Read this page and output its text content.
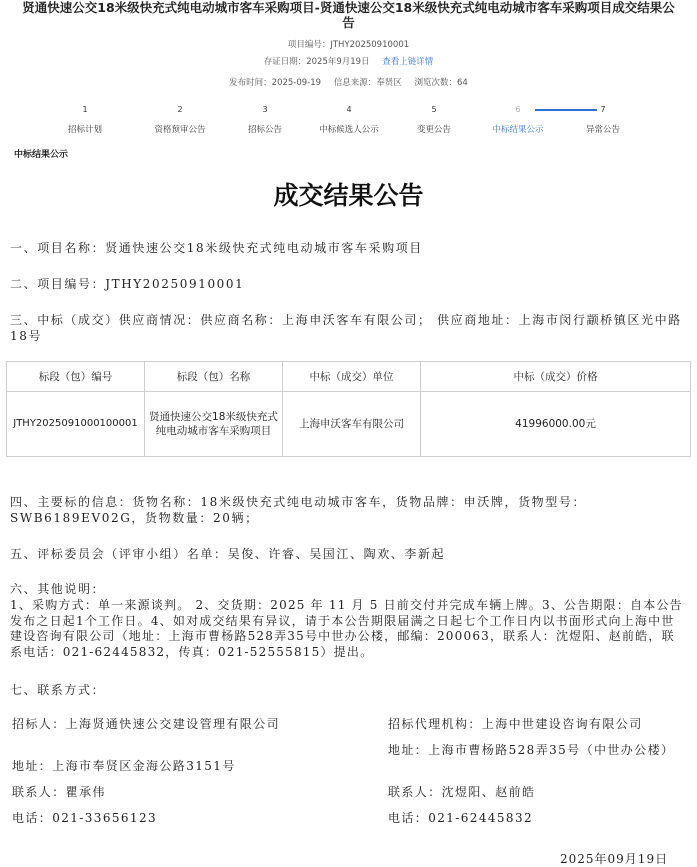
贤通快速公交18米级快充式纯电动城市客车采购项目-贤通快速公交18米级快充式纯电动城市客车采购项目成交结果公告
项目编号：JTHY20250910001
存证日期：2025年9月19日 查看上链详情
发布时间：2025-09-19 信息来源：奉贤区 浏览次数：64
1
招标计划
2
资格预审公告
3
招标公告
4
中标候选人公示
5
变更公告
6
中标结果公示
7
异常公告
中标结果公示
成交结果公告
一、项目名称：贤通快速公交18米级快充式纯电动城市客车采购项目
二、项目编号：JTHY20250910001
三、中标（成交）供应商情况：供应商名称：上海申沃客车有限公司； 供应商地址：上海市闵行颛桥镇区光中路18号
标段（包）编号	标段（包）名称	中标（成交）单位	中标（成交）价格
JTHY2025091000100001	贤通快速公交18米级快充式纯电动城市客车采购项目	上海申沃客车有限公司	41996000.00元
四、主要标的信息：货物名称：18米级快充式纯电动城市客车，货物品牌：申沃牌，货物型号：SWB6189EV02G，货物数量：20辆；
五、评标委员会（评审小组）名单：吴俊、许睿、吴国江、陶欢、李新起
六、其他说明：
1、采购方式：单一来源谈判。 2、交货期：2025 年 11 月 5 日前交付并完成车辆上牌。3、公告期限：自本公告发布之日起1个工作日。4、如对成交结果有异议，请于本公告期限届满之日起七个工作日内以书面形式向上海中世建设咨询有限公司（地址：上海市曹杨路528弄35号中世办公楼，邮编：200063，联系人：沈煜阳、赵前皓，联系电话：021-62445832，传真：021-52555815）提出。
七、联系方式：
招标人：上海贤通快速公交建设管理有限公司
地址：上海市奉贤区金海公路3151号
联系人：瞿承伟
电话：021-33656123
招标代理机构：上海中世建设咨询有限公司
地址：上海市曹杨路528弄35号（中世办公楼）
联系人：沈煜阳、赵前皓
电话：021-62445832
2025年09月19日
